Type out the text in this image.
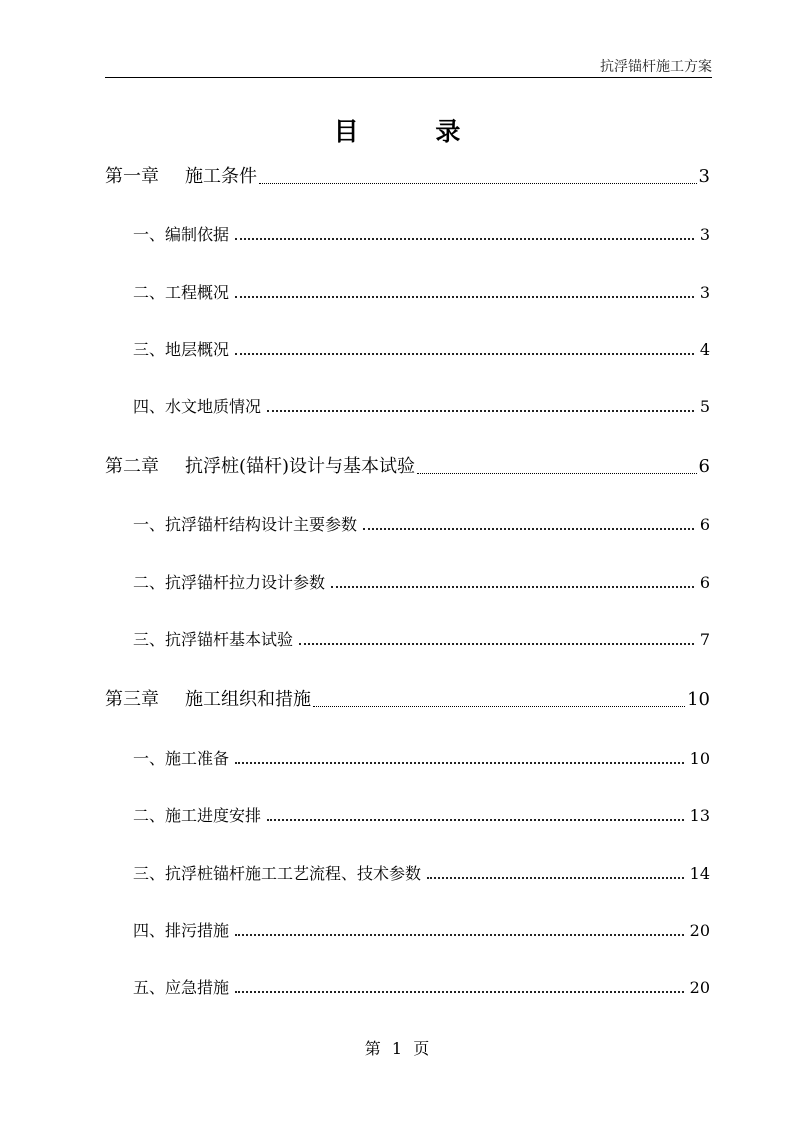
抗浮锚杆施工方案
目 录
第一章 施工条件	3
一、编制依据	3
二、工程概况	3
三、地层概况	4
四、水文地质情况	5
第二章 抗浮桩(锚杆)设计与基本试验	6
一、抗浮锚杆结构设计主要参数	6
二、抗浮锚杆拉力设计参数	6
三、抗浮锚杆基本试验	7
第三章 施工组织和措施	10
一、施工准备	10
二、施工进度安排	13
三、抗浮桩锚杆施工工艺流程、技术参数	14
四、排污措施	20
五、应急措施	20
第 1 页
